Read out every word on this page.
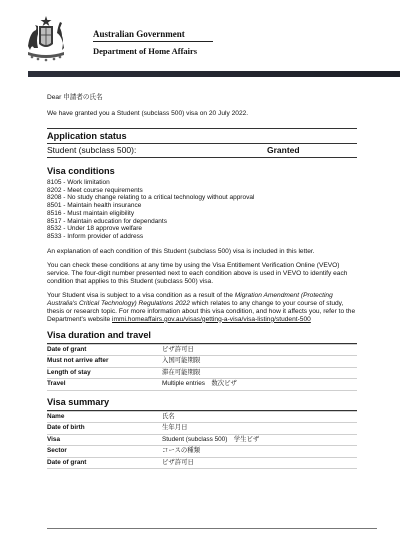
Australian Government
Department of Home Affairs

Dear 申請者の氏名

We have granted you a Student (subclass 500) visa on 20 July 2022.

Application status
Student (subclass 500):	Granted
Visa conditions
8105 - Work limitation
8202 - Meet course requirements
8208 - No study change relating to a critical technology without approval
8501 - Maintain health insurance
8516 - Must maintain eligibility
8517 - Maintain education for dependants
8532 - Under 18 approve welfare
8533 - Inform provider of address

An explanation of each condition of this Student (subclass 500) visa is included in this letter.

You can check these conditions at any time by using the Visa Entitlement Verification Online (VEVO) service. The four-digit number presented next to each condition above is used in VEVO to identify each condition that applies to this Student (subclass 500) visa.

Your Student visa is subject to a visa condition as a result of the Migration Amendment (Protecting Australia's Critical Technology) Regulations 2022 which relates to any change to your course of study, thesis or research topic. For more information about this visa condition, and how it affects you, refer to the Department's website immi.homeaffairs.gov.au/visas/getting-a-visa/visa-listing/student-500

Visa duration and travel
Date of grant	ビザ許可日
Must not arrive after	入国可能期限
Length of stay	滞在可能期限
Travel	Multiple entries　数次ビザ
Visa summary
Name	氏名
Date of birth	生年月日
Visa	Student (subclass 500)　学生ビザ
Sector	コースの種類
Date of grant	ビザ許可日
